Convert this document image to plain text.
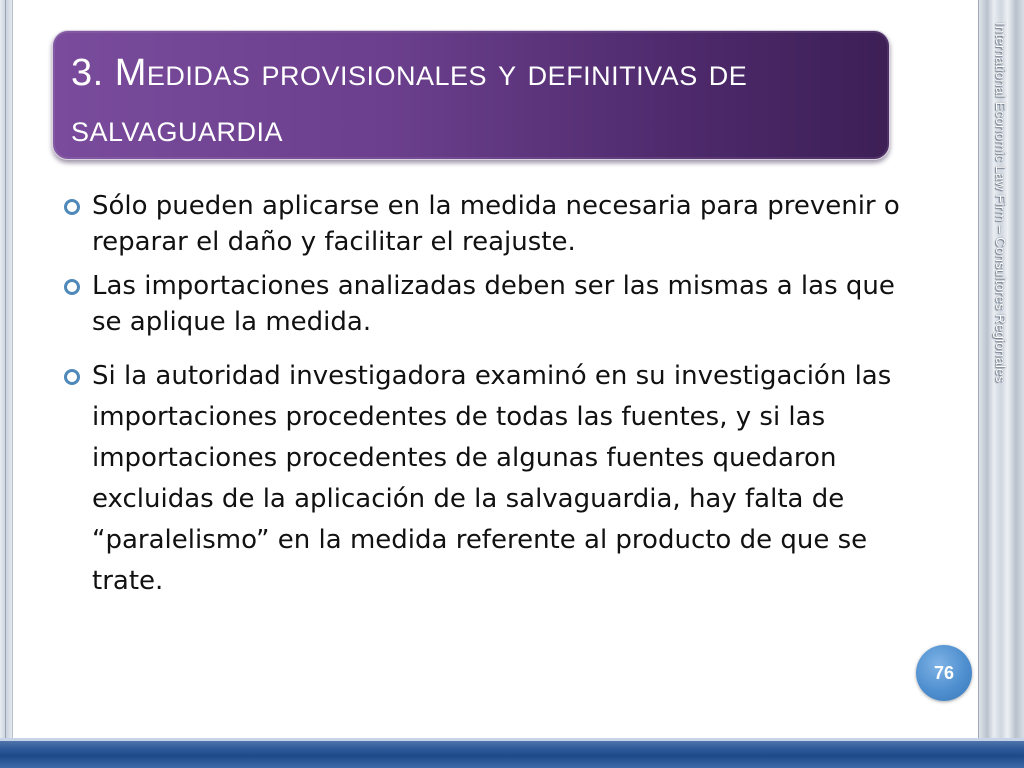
International Economic Law Firm – Consultores Regionales
3. Medidas provisionales y definitivas de salvaguardia
Sólo pueden aplicarse en la medida necesaria para prevenir o reparar el daño y facilitar el reajuste.
Las importaciones analizadas deben ser las mismas a las que se aplique la medida.
Si la autoridad investigadora examinó en su investigación las importaciones procedentes de todas las fuentes, y si las importaciones procedentes de algunas fuentes quedaron excluidas de la aplicación de la salvaguardia, hay falta de “paralelismo” en la medida referente al producto de que se trate.
76
